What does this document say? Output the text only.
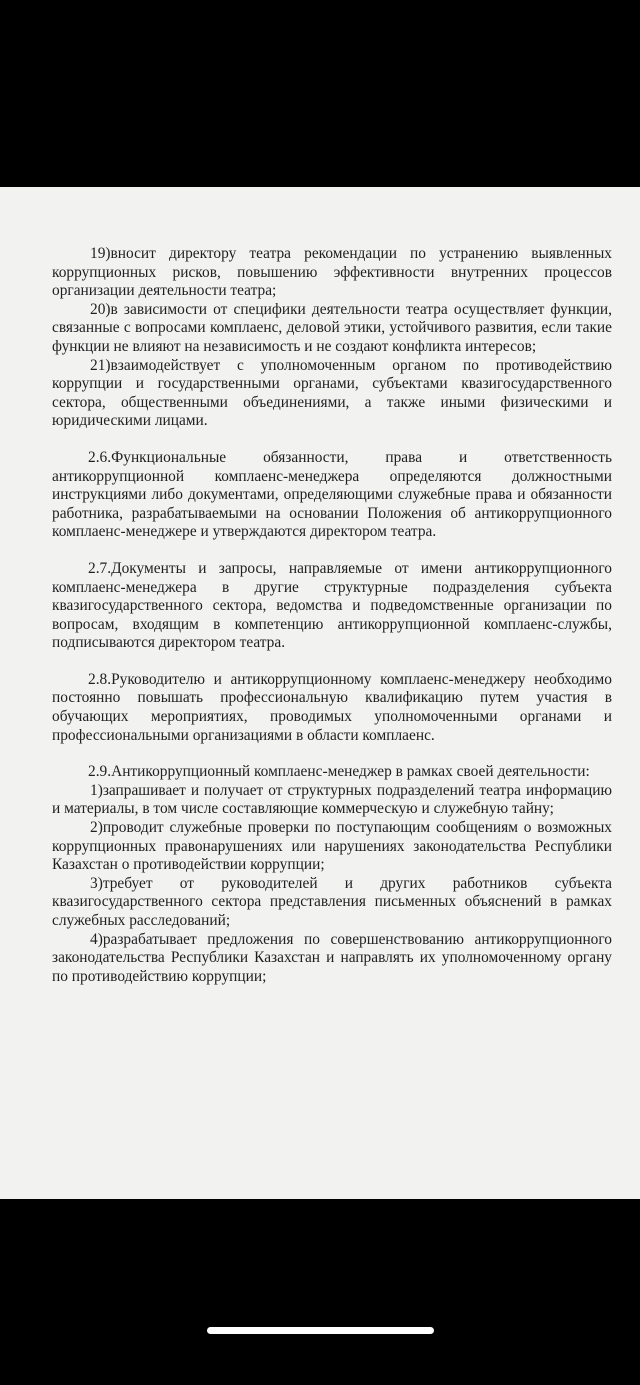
19)вносит директору театра рекомендации по устранению выявленных коррупционных рисков, повышению эффективности внутренних процессов организации деятельности театра;

20)в зависимости от специфики деятельности театра осуществляет функции, связанные с вопросами комплаенс, деловой этики, устойчивого развития, если такие функции не влияют на независимость и не создают конфликта интересов;

21)взаимодействует с уполномоченным органом по противодействию коррупции и государственными органами, субъектами квазигосударственного сектора, общественными объединениями, а также иными физическими и юридическими лицами.

2.6.Функциональные обязанности, права и ответственность антикоррупционной комплаенс-менеджера определяются должностными инструкциями либо документами, определяющими служебные права и обязанности работника, разрабатываемыми на основании Положения об антикоррупционного комплаенс-менеджере и утверждаются директором театра.

2.7.Документы и запросы, направляемые от имени антикоррупционного комплаенс-менеджера в другие структурные подразделения субъекта квазигосударственного сектора, ведомства и подведомственные организации по вопросам, входящим в компетенцию антикоррупционной комплаенс-службы, подписываются директором театра.

2.8.Руководителю и антикоррупционному комплаенс-менеджеру необходимо постоянно повышать профессиональную квалификацию путем участия в обучающих мероприятиях, проводимых уполномоченными органами и профессиональными организациями в области комплаенс.

2.9.Антикоррупционный комплаенс-менеджер в рамках своей деятельности:

1)запрашивает и получает от структурных подразделений театра информацию и материалы, в том числе составляющие коммерческую и служебную тайну;

2)проводит служебные проверки по поступающим сообщениям о возможных коррупционных правонарушениях или нарушениях законодательства Республики Казахстан о противодействии коррупции;

3)требует от руководителей и других работников субъекта квазигосударственного сектора представления письменных объяснений в рамках служебных расследований;

4)разрабатывает предложения по совершенствованию антикоррупционного законодательства Республики Казахстан и направлять их уполномоченному органу по противодействию коррупции;
